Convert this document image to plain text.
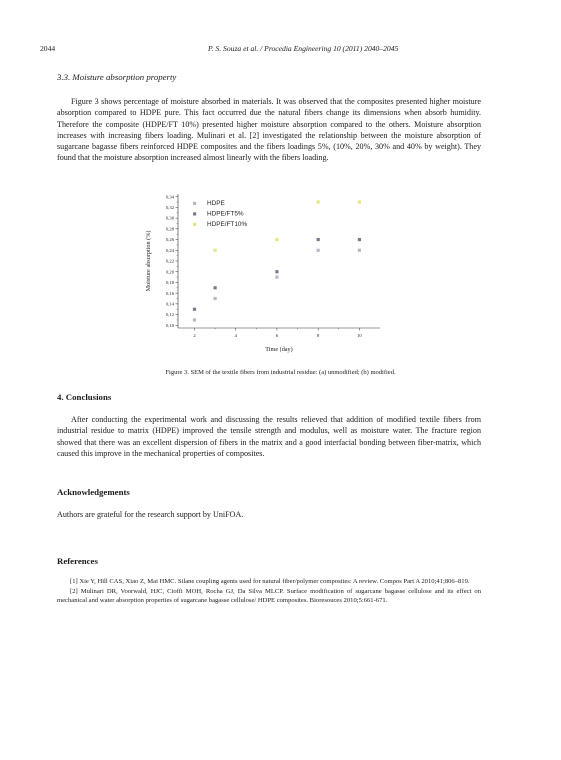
2044	P. S. Souza et al. / Procedia Engineering 10 (2011) 2040–2045
3.3. Moisture absorption property

Figure 3 shows percentage of moisture absorbed in materials. It was observed that the composites presented higher moisture absorption compared to HDPE pure. This fact occurred due the natural fibers change its dimensions when absorb humidity. Therefore the composite (HDPE/FT 10%) presented higher moisture absorption compared to the others. Moisture absorption increases with increasing fibers loading. Mulinari et al. [2] investigated the relationship between the moisture absorption of sugarcane bagasse fibers reinforced HDPE composites and the fibers loadings 5%, (10%, 20%, 30% and 40% by weight). They found that the moisture absorption increased almost linearly with the fibers loading.

0,10
0,12
0,14
0,16
0,18
0,20
0,22
0,24
0,26
0,28
0,30
0,32
0,34
2	4	6	8	10
Time (day)
Moisture absorption (%)
HDPE
HDPE/FT5%
HDPE/FT10%
Figure 3. SEM of the textile fibers from industrial residue: (a) unmodified; (b) modified.
4. Conclusions

After conducting the experimental work and discussing the results relieved that addition of modified textile fibers from industrial residue to matrix (HDPE) improved the tensile strength and modulus, well as moisture water. The fracture region showed that there was an excellent dispersion of fibers in the matrix and a good interfacial bonding between fiber-matrix, which caused this improve in the mechanical properties of composites.

Acknowledgements

Authors are grateful for the research support by UniFOA.

References

[1] Xie Y, Hill CAS, Xiao Z, Mai HMC. Silane coupling agents used for natural fiber/polymer composites: A review. Compos Part A 2010;41;806–819.

[2] Mulinari DR, Voorwald, HJC, Cioffi MOH, Rocha GJ, Da Silva MLCP. Surface modification of sugarcane bagasse cellulose and its effect on mechanical and water absorption properties of sugarcane bagasse cellulose/ HDPE composites. Bioresouces 2010;5:661-671.
